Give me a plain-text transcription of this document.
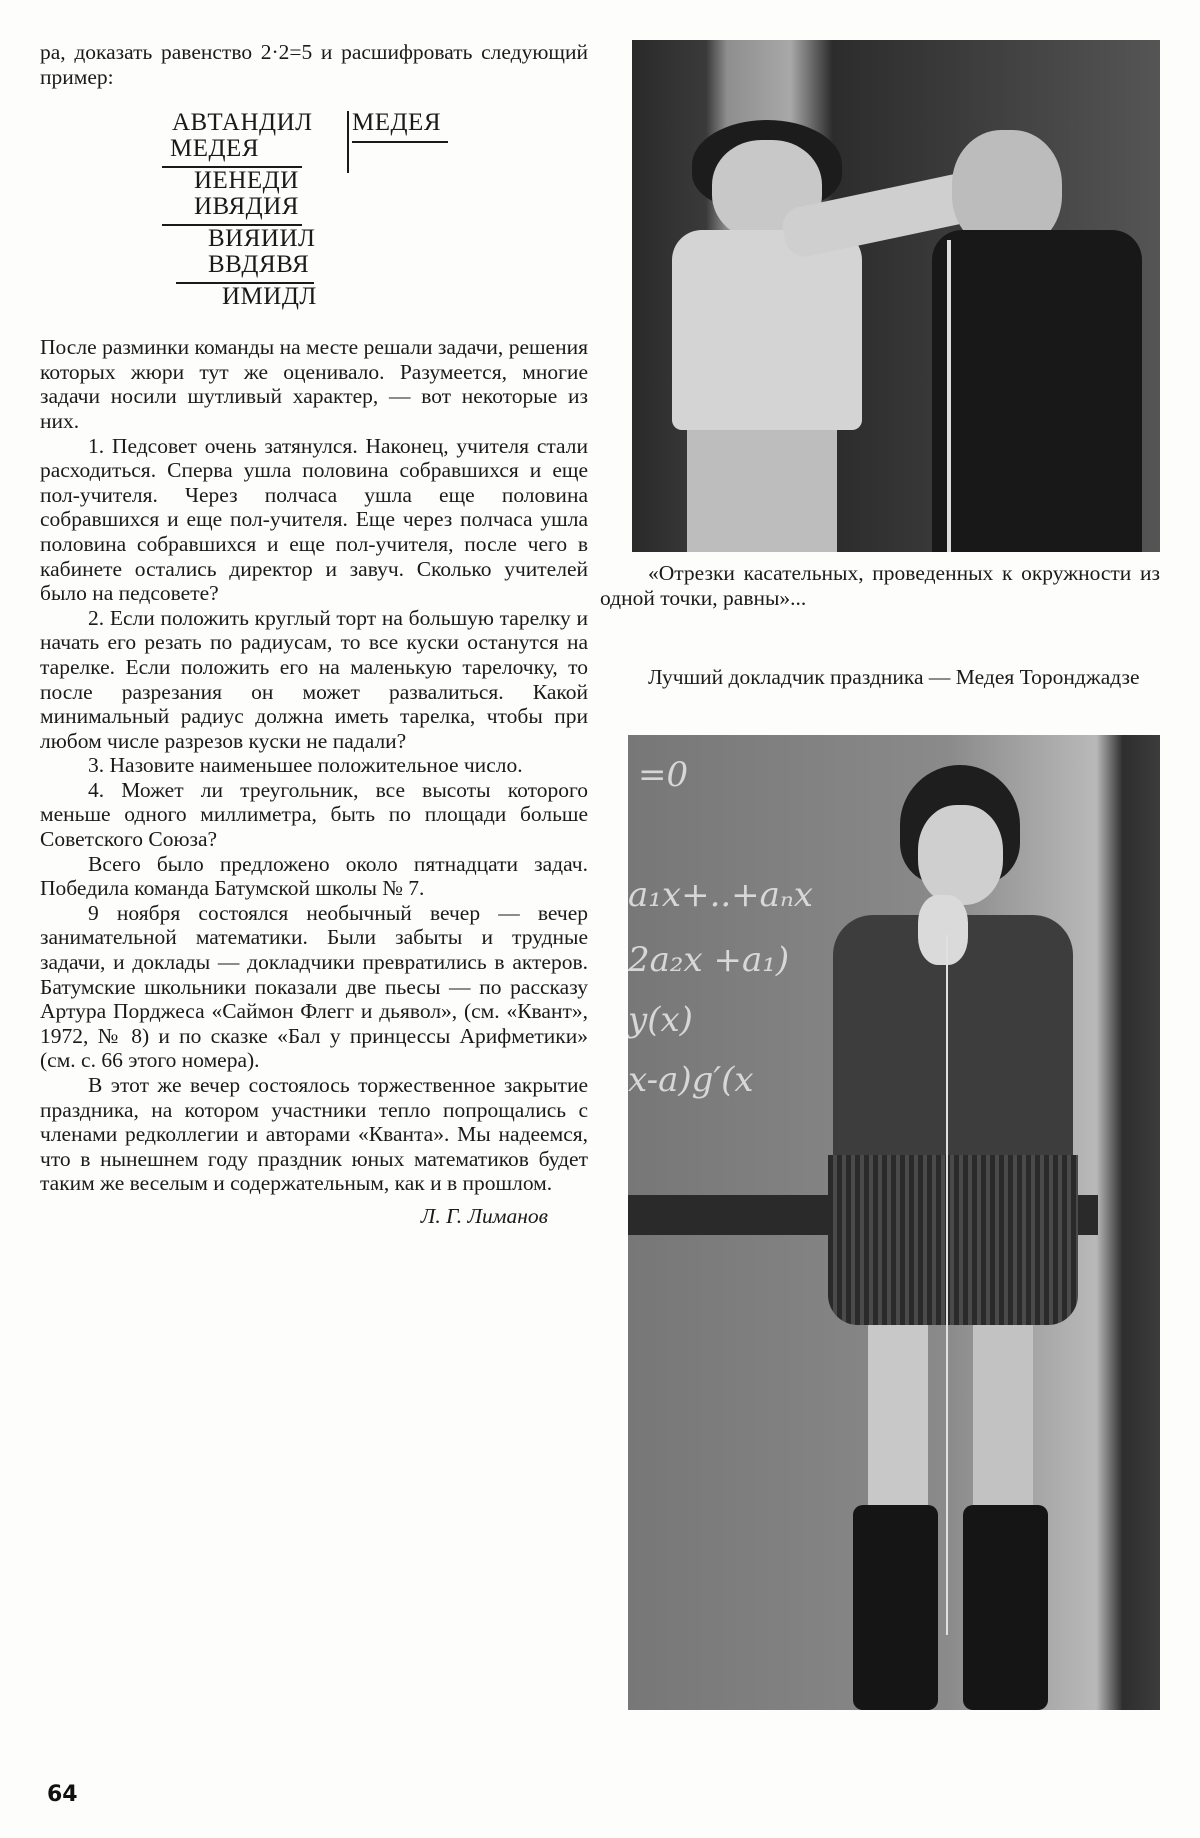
ра, доказать равенство 2·2=5 и расшифровать следующий пример:

АВТАНДИЛ МЕДЕЯ
МЕДЕЯ
ИЕНЕДИ
ИВЯДИЯ
ВИЯИИЛ
ВВДЯВЯ
ИМИДЛ

После разминки команды на месте решали задачи, решения которых жюри тут же оценивало. Разумеется, многие задачи носили шутливый характер, — вот некоторые из них.

1. Педсовет очень затянулся. Наконец, учителя стали расходиться. Сперва ушла половина собравшихся и еще пол-учителя. Через полчаса ушла еще половина собравшихся и еще пол-учителя. Еще через полчаса ушла половина собравшихся и еще пол-учителя, после чего в кабинете остались директор и завуч. Сколько учителей было на педсовете?

2. Если положить круглый торт на большую тарелку и начать его резать по радиусам, то все куски останутся на тарелке. Если положить его на маленькую тарелочку, то после разрезания он может развалиться. Какой минимальный радиус должна иметь тарелка, чтобы при любом числе разрезов куски не падали?

3. Назовите наименьшее положительное число.

4. Может ли треугольник, все высоты которого меньше одного миллиметра, быть по площади больше Советского Союза?

Всего было предложено около пятнадцати задач. Победила команда Батумской школы № 7.

9 ноября состоялся необычный вечер — вечер занимательной математики. Были забыты и трудные задачи, и доклады — докладчики превратились в актеров. Батумские школьники показали две пьесы — по рассказу Артура Порджеса «Саймон Флегг и дьявол», (см. «Квант», 1972, № 8) и по сказке «Бал у принцессы Арифметики» (см. с. 66 этого номера).

В этот же вечер состоялось торжественное закрытие праздника, на котором участники тепло попрощались с членами редколлегии и авторами «Кванта». Мы надеемся, что в нынешнем году праздник юных математиков будет таким же веселым и содержательным, как и в прошлом.

Л. Г. Лиманов

«Отрезки касательных, проведенных к окружности из одной точки, равны»...

Лучший докладчик праздника — Медея Торонджадзе

=0
a₁x+..+aₙx
2a₂x +a₁)
y(x)
x-a)g′(x
64
